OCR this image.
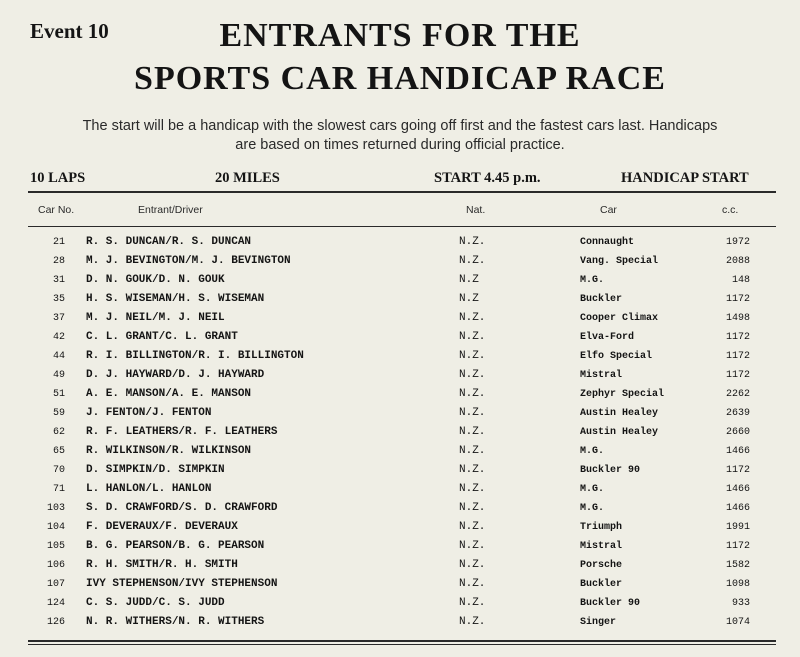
Event 10	ENTRANTS FOR THE
SPORTS CAR HANDICAP RACE
The start will be a handicap with the slowest cars going off first and the fastest cars last. Handicaps
are based on times returned during official practice.
10 LAPS	20 MILES	START 4.45 p.m.	HANDICAP START
Car No.	Entrant/Driver	Nat.	Car	c.c.
21 R. S. DUNCAN/R. S. DUNCAN	N.Z.	Connaught	1972
28 M. J. BEVINGTON/M. J. BEVINGTON	N.Z.	Vang. Special	2088
31 D. N. GOUK/D. N. GOUK	N.Z	M.G.	148
35 H. S. WISEMAN/H. S. WISEMAN	N.Z	Buckler	1172
37 M. J. NEIL/M. J. NEIL	N.Z.	Cooper Climax	1498
42 C. L. GRANT/C. L. GRANT	N.Z.	Elva-Ford	1172
44 R. I. BILLINGTON/R. I. BILLINGTON	N.Z.	Elfo Special	1172
49 D. J. HAYWARD/D. J. HAYWARD	N.Z.	Mistral	1172
51 A. E. MANSON/A. E. MANSON	N.Z.	Zephyr Special	2262
59 J. FENTON/J. FENTON	N.Z.	Austin Healey	2639
62 R. F. LEATHERS/R. F. LEATHERS	N.Z.	Austin Healey	2660
65 R. WILKINSON/R. WILKINSON	N.Z.	M.G.	1466
70 D. SIMPKIN/D. SIMPKIN	N.Z.	Buckler 90	1172
71 L. HANLON/L. HANLON	N.Z.	M.G.	1466
103 S. D. CRAWFORD/S. D. CRAWFORD	N.Z.	M.G.	1466
104 F. DEVERAUX/F. DEVERAUX	N.Z.	Triumph	1991
105 B. G. PEARSON/B. G. PEARSON	N.Z.	Mistral	1172
106 R. H. SMITH/R. H. SMITH	N.Z.	Porsche	1582
107 IVY STEPHENSON/IVY STEPHENSON	N.Z.	Buckler	1098
124 C. S. JUDD/C. S. JUDD	N.Z.	Buckler 90	933
126 N. R. WITHERS/N. R. WITHERS	N.Z.	Singer	1074
